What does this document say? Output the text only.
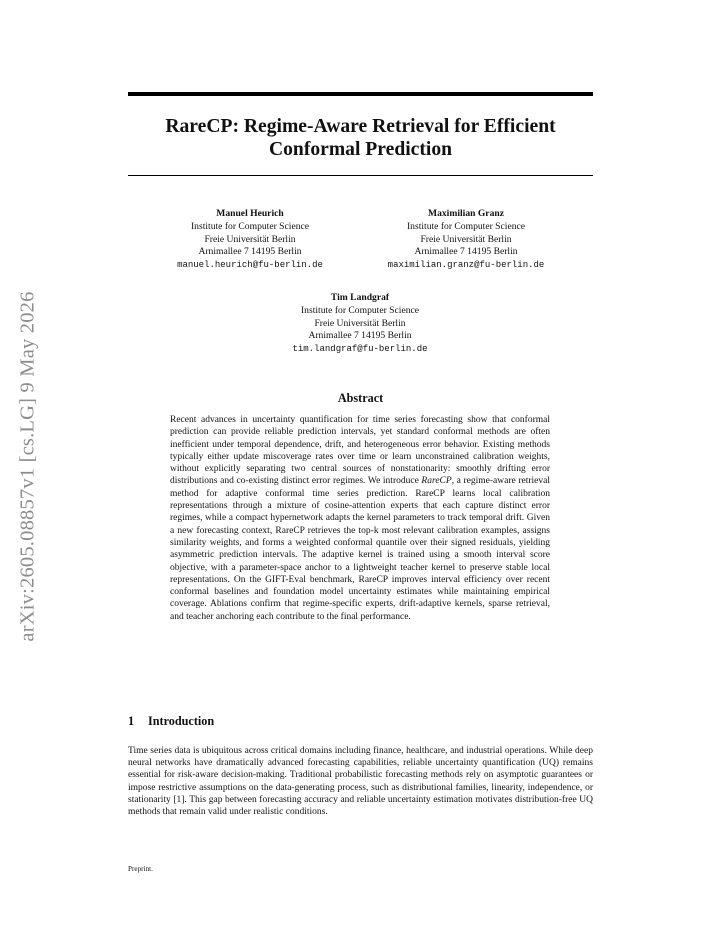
arXiv:2605.08857v1 [cs.LG] 9 May 2026
RareCP: Regime-Aware Retrieval for Efficient Conformal Prediction
Manuel Heurich
Institute for Computer Science
Freie Universität Berlin
Arnimallee 7 14195 Berlin
manuel.heurich@fu-berlin.de
Maximilian Granz
Institute for Computer Science
Freie Universität Berlin
Arnimallee 7 14195 Berlin
maximilian.granz@fu-berlin.de
Tim Landgraf
Institute for Computer Science
Freie Universität Berlin
Arnimallee 7 14195 Berlin
tim.landgraf@fu-berlin.de
Abstract
Recent advances in uncertainty quantification for time series forecasting show that conformal prediction can provide reliable prediction intervals, yet standard conformal methods are often inefficient under temporal dependence, drift, and heterogeneous error behavior. Existing methods typically either update miscoverage rates over time or learn unconstrained calibration weights, without explicitly separating two central sources of nonstationarity: smoothly drifting error distributions and co-existing distinct error regimes. We introduce RareCP, a regime-aware retrieval method for adaptive conformal time series prediction. RareCP learns local calibration representations through a mixture of cosine-attention experts that each capture distinct error regimes, while a compact hypernetwork adapts the kernel parameters to track temporal drift. Given a new forecasting context, RareCP retrieves the top-k most relevant calibration examples, assigns similarity weights, and forms a weighted conformal quantile over their signed residuals, yielding asymmetric prediction intervals. The adaptive kernel is trained using a smooth interval score objective, with a parameter-space anchor to a lightweight teacher kernel to preserve stable local representations. On the GIFT-Eval benchmark, RareCP improves interval efficiency over recent conformal baselines and foundation model uncertainty estimates while maintaining empirical coverage. Ablations confirm that regime-specific experts, drift-adaptive kernels, sparse retrieval, and teacher anchoring each contribute to the final performance.
1 Introduction
Time series data is ubiquitous across critical domains including finance, healthcare, and industrial operations. While deep neural networks have dramatically advanced forecasting capabilities, reliable uncertainty quantification (UQ) remains essential for risk-aware decision-making. Traditional probabilistic forecasting methods rely on asymptotic guarantees or impose restrictive assumptions on the data-generating process, such as distributional families, linearity, independence, or stationarity [1]. This gap between forecasting accuracy and reliable uncertainty estimation motivates distribution-free UQ methods that remain valid under realistic conditions.
Preprint.
